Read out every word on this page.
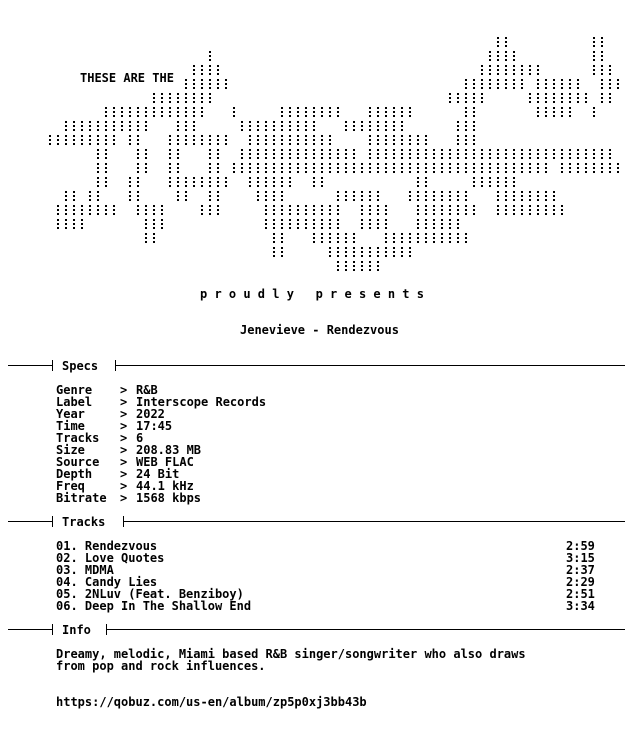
THESE ARE THE
p r o u d l y   p r e s e n t s
Jenevieve - Rendezvous
Specs
Genre > R&B
Label > Interscope Records
Year	> 2022
Time	> 17:45
Tracks > 6
Size	> 208.83 MB
Source > WEB FLAC
Depth > 24 Bit
Freq	> 44.1 kHz
Bitrate > 1568 kbps
Tracks
01. Rendezvous	2:59
02. Love Quotes	3:15
03. MDMA	2:37
04. Candy Lies	2:29
05. 2NLuv (Feat. Benziboy)	2:51
06. Deep In The Shallow End	3:34
Info
Dreamy, melodic, Miami based R&B singer/songwriter who also draws
from pop and rock influences.
https://qobuz.com/us-en/album/zp5p0xj3bb43b
